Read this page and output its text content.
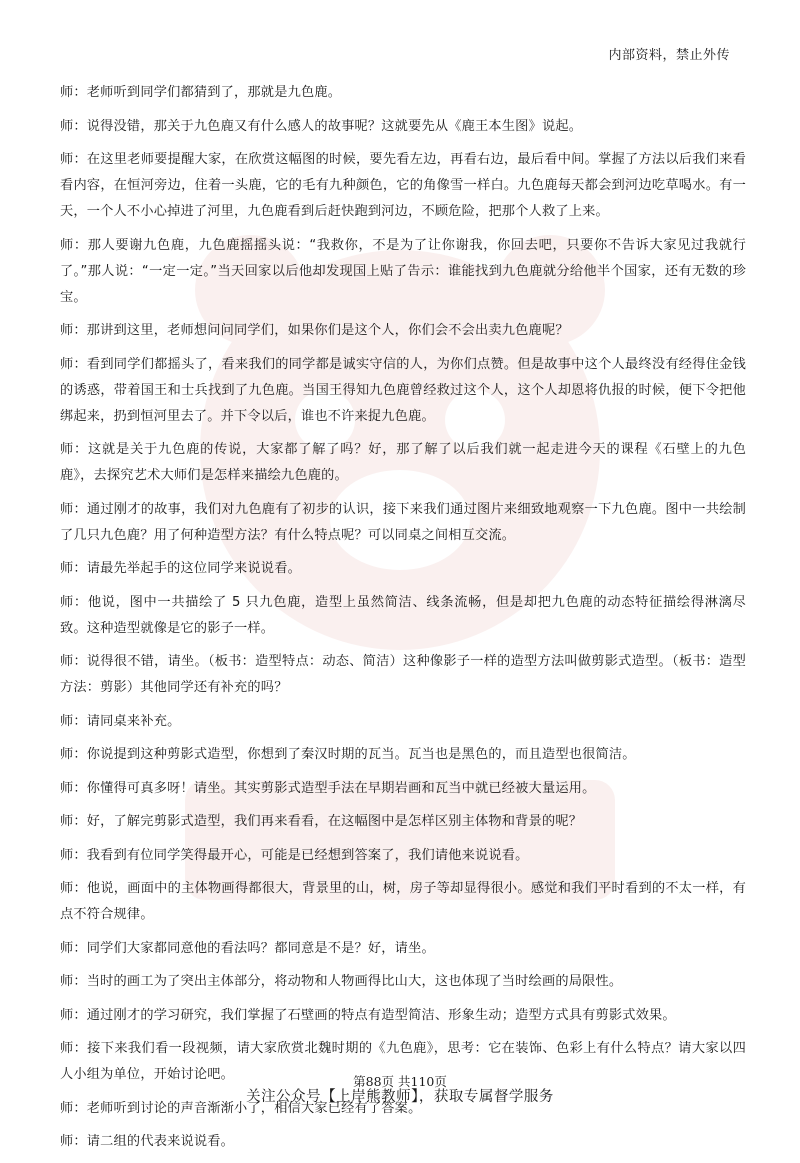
内部资料，禁止外传

师：老师听到同学们都猜到了，那就是九色鹿。

师：说得没错，那关于九色鹿又有什么感人的故事呢？这就要先从《鹿王本生图》说起。

师：在这里老师要提醒大家，在欣赏这幅图的时候，要先看左边，再看右边，最后看中间。掌握了方法以后我们来看看内容，在恒河旁边，住着一头鹿，它的毛有九种颜色，它的角像雪一样白。九色鹿每天都会到河边吃草喝水。有一天，一个人不小心掉进了河里，九色鹿看到后赶快跑到河边，不顾危险，把那个人救了上来。

师：那人要谢九色鹿，九色鹿摇摇头说：“我救你，不是为了让你谢我，你回去吧，只要你不告诉大家见过我就行了。”那人说：“一定一定。”当天回家以后他却发现国上贴了告示：谁能找到九色鹿就分给他半个国家，还有无数的珍宝。

师：那讲到这里，老师想问问同学们，如果你们是这个人，你们会不会出卖九色鹿呢？

师：看到同学们都摇头了，看来我们的同学都是诚实守信的人，为你们点赞。但是故事中这个人最终没有经得住金钱的诱惑，带着国王和士兵找到了九色鹿。当国王得知九色鹿曾经救过这个人，这个人却恩将仇报的时候，便下令把他绑起来，扔到恒河里去了。并下令以后，谁也不许来捉九色鹿。

师：这就是关于九色鹿的传说，大家都了解了吗？好，那了解了以后我们就一起走进今天的课程《石壁上的九色鹿》，去探究艺术大师们是怎样来描绘九色鹿的。

师：通过刚才的故事，我们对九色鹿有了初步的认识，接下来我们通过图片来细致地观察一下九色鹿。图中一共绘制了几只九色鹿？用了何种造型方法？有什么特点呢？可以同桌之间相互交流。

师：请最先举起手的这位同学来说说看。

师：他说，图中一共描绘了 5 只九色鹿，造型上虽然简洁、线条流畅，但是却把九色鹿的动态特征描绘得淋漓尽致。这种造型就像是它的影子一样。

师：说得很不错，请坐。（板书：造型特点：动态、简洁）这种像影子一样的造型方法叫做剪影式造型。（板书：造型方法：剪影）其他同学还有补充的吗？

师：请同桌来补充。

师：你说提到这种剪影式造型，你想到了秦汉时期的瓦当。瓦当也是黑色的，而且造型也很简洁。

师：你懂得可真多呀！请坐。其实剪影式造型手法在早期岩画和瓦当中就已经被大量运用。

师：好，了解完剪影式造型，我们再来看看，在这幅图中是怎样区别主体物和背景的呢？

师：我看到有位同学笑得最开心，可能是已经想到答案了，我们请他来说说看。

师：他说，画面中的主体物画得都很大，背景里的山，树，房子等却显得很小。感觉和我们平时看到的不太一样，有点不符合规律。

师：同学们大家都同意他的看法吗？都同意是不是？好，请坐。

师：当时的画工为了突出主体部分，将动物和人物画得比山大，这也体现了当时绘画的局限性。

师：通过刚才的学习研究，我们掌握了石壁画的特点有造型简洁、形象生动；造型方式具有剪影式效果。

师：接下来我们看一段视频，请大家欣赏北魏时期的《九色鹿》，思考：它在装饰、色彩上有什么特点？请大家以四人小组为单位，开始讨论吧。

师：老师听到讨论的声音渐渐小了，相信大家已经有了答案。

师：请二组的代表来说说看。

第88页 共110页
关注公众号【上岸熊教师】，获取专属督学服务
